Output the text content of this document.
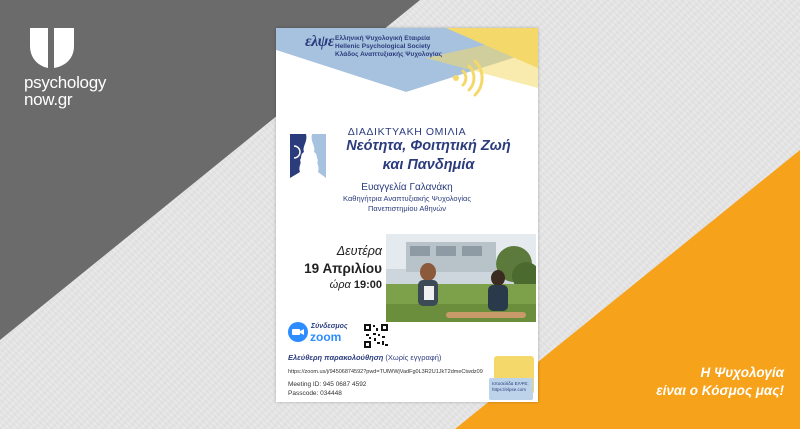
psychology
now.gr
Η Ψυχολογία
είναι ο Κόσμος μας!
ελψε Ελληνική Ψυχολογική Εταιρεία
Hellenic Psychological Society
Κλάδος Αναπτυξιακής Ψυχολογίας
ΔΙΑΔΙΚΤΥΑΚΗ ΟΜΙΛΙΑ
Νεότητα, Φοιτητική Ζωή
και Πανδημία
Ευαγγελία Γαλανάκη
Καθηγήτρια Αναπτυξιακής Ψυχολογίας
Πανεπιστημίου Αθηνών
Δευτέρα
19 Απριλίου
ώρα 19:00
Σύνδεσμος
zoom
Ελεύθερη παρακολούθηση (Χωρίς εγγραφή)
https://zoom.us/j/94506874592?pwd=TUlWWjVadFg0L3R2U1JkT2dmeCtwdz09
Meeting ID: 945 0687 4592
Passcode: 034448
Ιστοσελίδα ΕΛΨΕ:
https://elpse.com
